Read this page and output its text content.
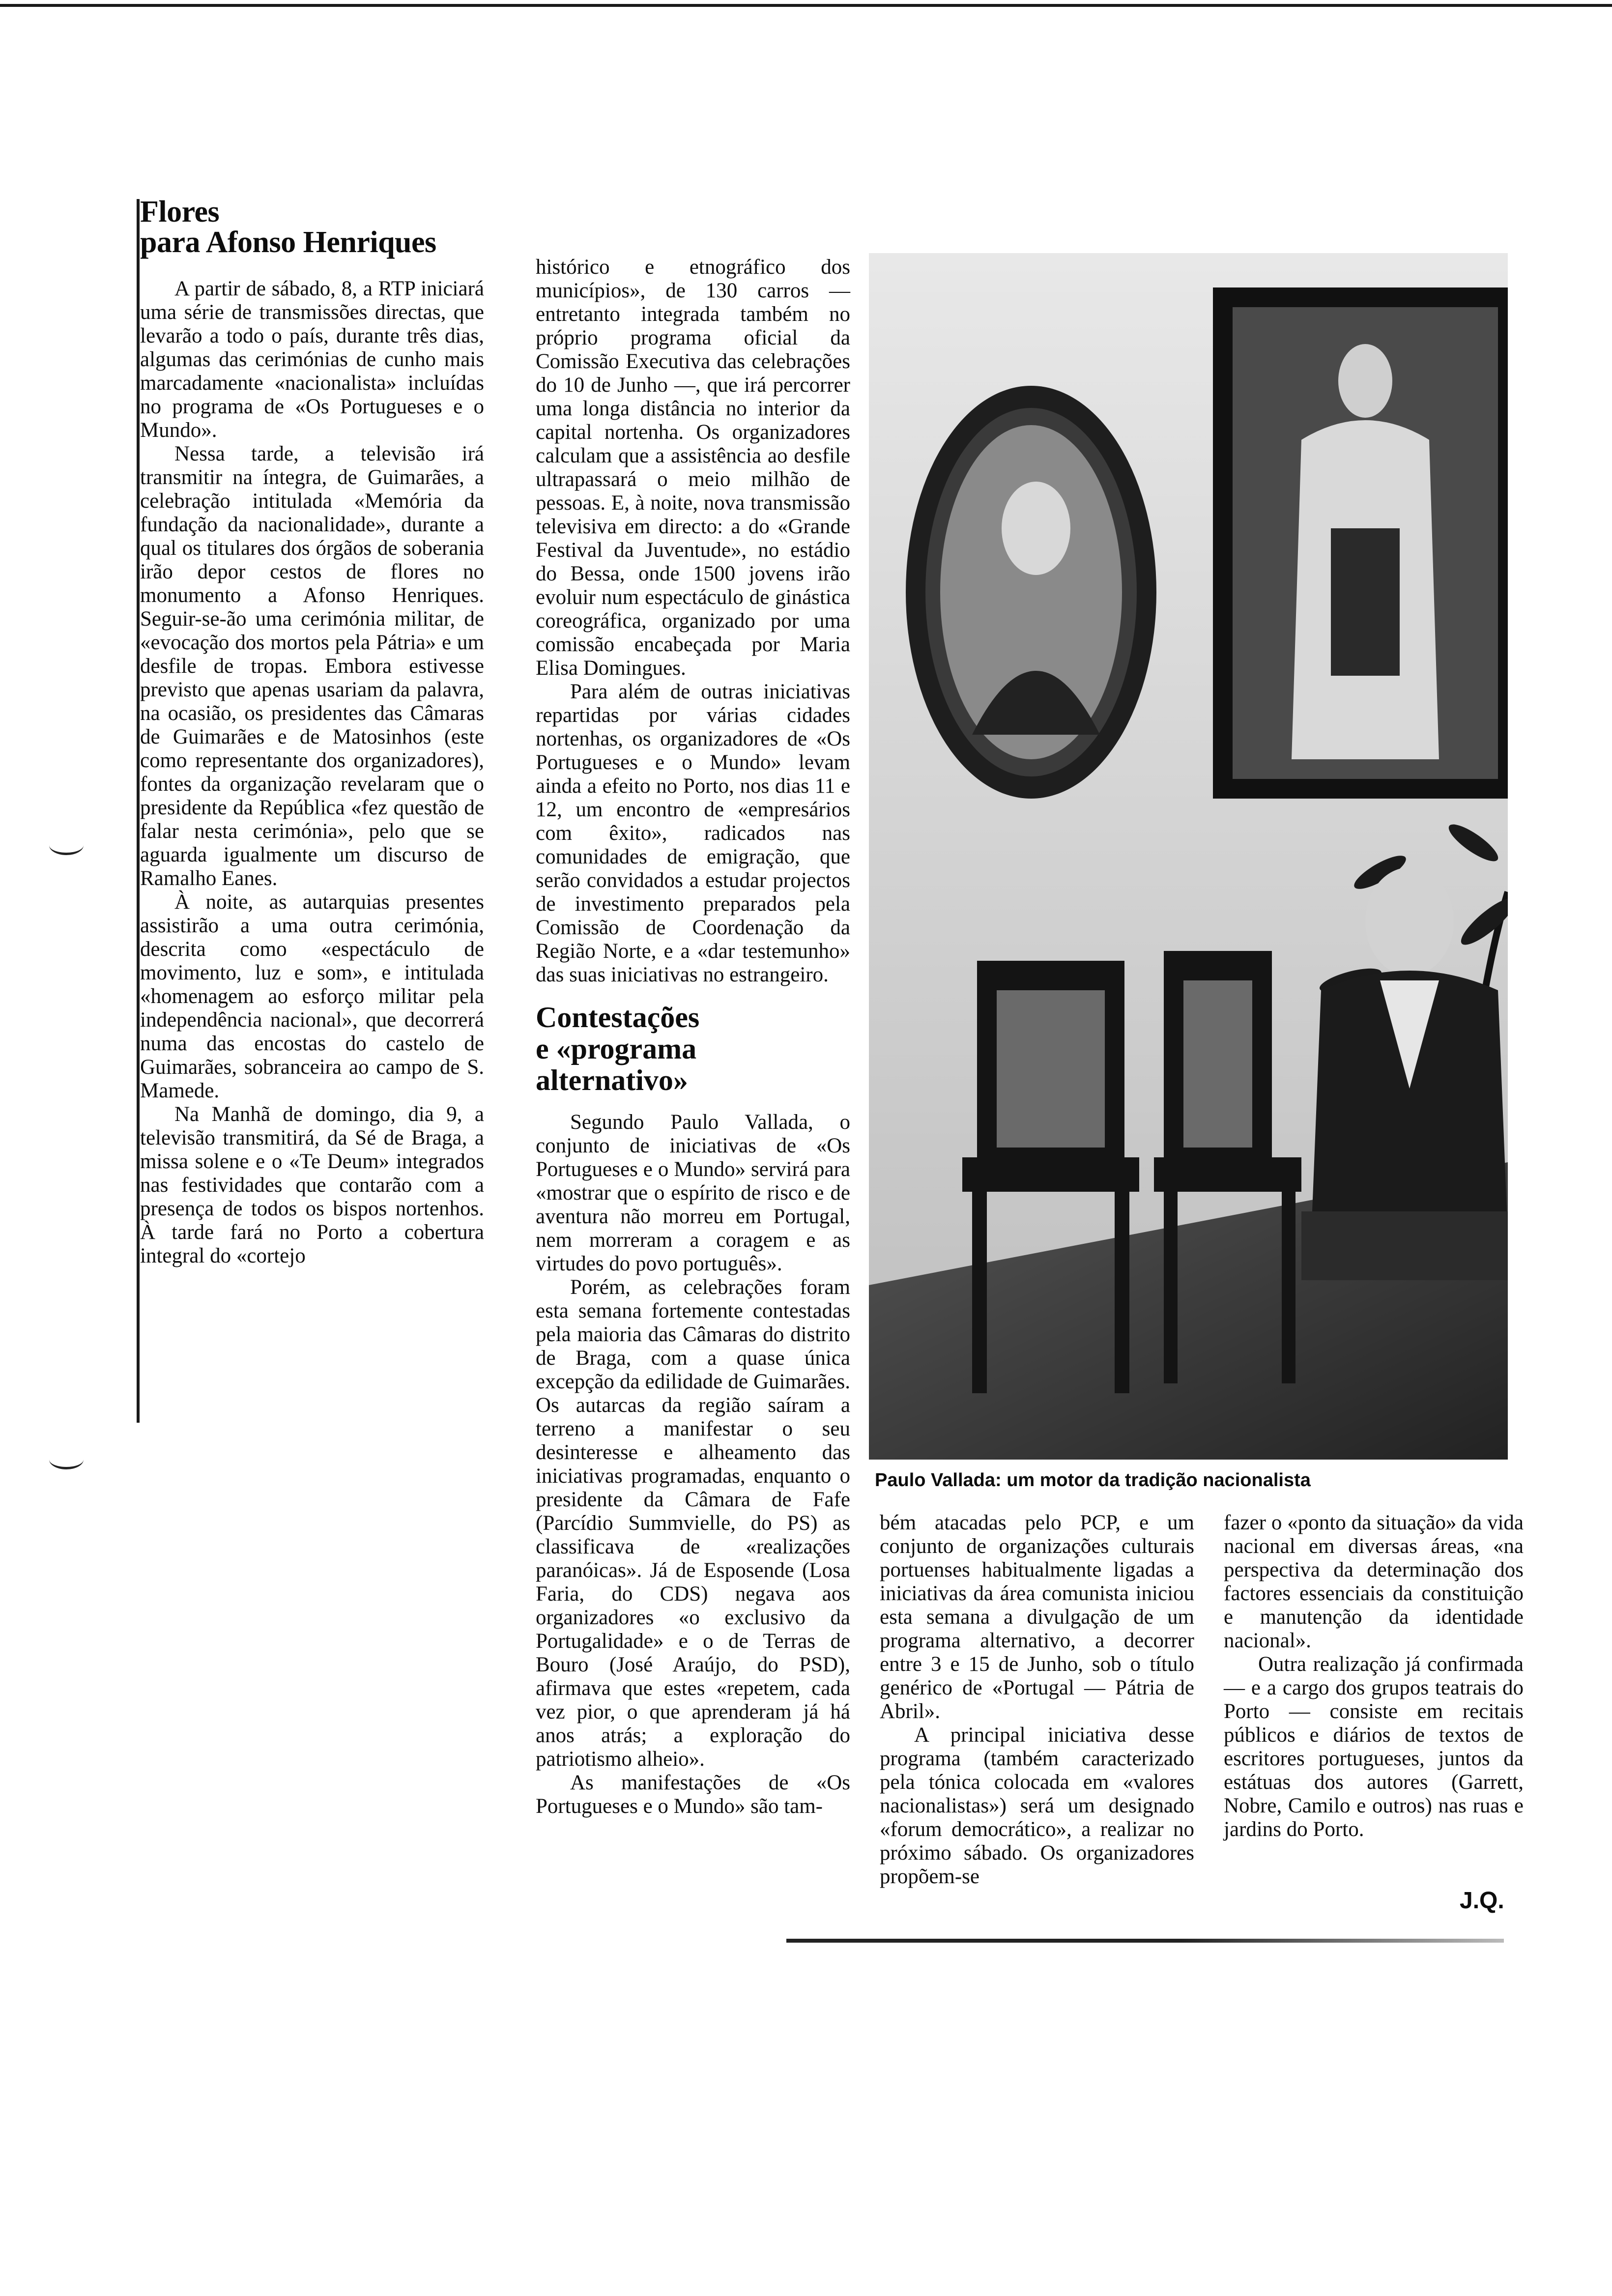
Flores
para Afonso Henriques

A partir de sábado, 8, a RTP iniciará uma série de transmissões directas, que levarão a todo o país, durante três dias, algumas das cerimónias de cunho mais marcadamente «nacionalista» incluídas no programa de «Os Portugueses e o Mundo».

Nessa tarde, a televisão irá transmitir na íntegra, de Guimarães, a celebração intitulada «Memória da fundação da nacionalidade», durante a qual os titulares dos órgãos de soberania irão depor cestos de flores no monumento a Afonso Henriques. Seguir-se-ão uma cerimónia militar, de «evocação dos mortos pela Pátria» e um desfile de tropas. Embora estivesse previsto que apenas usariam da palavra, na ocasião, os presidentes das Câmaras de Guimarães e de Matosinhos (este como representante dos organizadores), fontes da organização revelaram que o presidente da República «fez questão de falar nesta cerimónia», pelo que se aguarda igualmente um discurso de Ramalho Eanes.

À noite, as autarquias presentes assistirão a uma outra cerimónia, descrita como «espectáculo de movimento, luz e som», e intitulada «homenagem ao esforço militar pela independência nacional», que decorrerá numa das encostas do castelo de Guimarães, sobranceira ao campo de S. Mamede.

Na Manhã de domingo, dia 9, a televisão transmitirá, da Sé de Braga, a missa solene e o «Te Deum» integrados nas festividades que contarão com a presença de todos os bispos nortenhos. À tarde fará no Porto a cobertura integral do «cortejo

histórico e etnográfico dos municípios», de 130 carros — entretanto integrada também no próprio programa oficial da Comissão Executiva das celebrações do 10 de Junho —, que irá percorrer uma longa distância no interior da capital nortenha. Os organizadores calculam que a assistência ao desfile ultrapassará o meio milhão de pessoas. E, à noite, nova transmissão televisiva em directo: a do «Grande Festival da Juventude», no estádio do Bessa, onde 1500 jovens irão evoluir num espectáculo de ginástica coreográfica, organizado por uma comissão encabeçada por Maria Elisa Domingues.

Para além de outras iniciativas repartidas por várias cidades nortenhas, os organizadores de «Os Portugueses e o Mundo» levam ainda a efeito no Porto, nos dias 11 e 12, um encontro de «empresários com êxito», radicados nas comunidades de emigração, que serão convidados a estudar projectos de investimento preparados pela Comissão de Coordenação da Região Norte, e a «dar testemunho» das suas iniciativas no estrangeiro.

Contestações
e «programa
alternativo»

Segundo Paulo Vallada, o conjunto de iniciativas de «Os Portugueses e o Mundo» servirá para «mostrar que o espírito de risco e de aventura não morreu em Portugal, nem morreram a coragem e as virtudes do povo português».

Porém, as celebrações foram esta semana fortemente contestadas pela maioria das Câmaras do distrito de Braga, com a quase única excepção da edilidade de Guimarães. Os autarcas da região saíram a terreno a manifestar o seu desinteresse e alheamento das iniciativas programadas, enquanto o presidente da Câmara de Fafe (Parcídio Summvielle, do PS) as classificava de «realizações paranóicas». Já de Esposende (Losa Faria, do CDS) negava aos organizadores «o exclusivo da Portugalidade» e o de Terras de Bouro (José Araújo, do PSD), afirmava que estes «repetem, cada vez pior, o que aprenderam já há anos atrás; a exploração do patriotismo alheio».

As manifestações de «Os Portugueses e o Mundo» são tam-

Paulo Vallada: um motor da tradição nacionalista

bém atacadas pelo PCP, e um conjunto de organizações culturais portuenses habitualmente ligadas a iniciativas da área comunista iniciou esta semana a divulgação de um programa alternativo, a decorrer entre 3 e 15 de Junho, sob o título genérico de «Portugal — Pátria de Abril».

A principal iniciativa desse programa (também caracterizado pela tónica colocada em «valores nacionalistas») será um designado «forum democrático», a realizar no próximo sábado. Os organizadores propõem-se

fazer o «ponto da situação» da vida nacional em diversas áreas, «na perspectiva da determinação dos factores essenciais da constituição e manutenção da identidade nacional».

Outra realização já confirmada — e a cargo dos grupos teatrais do Porto — consiste em recitais públicos e diários de textos de escritores portugueses, juntos da estátuas dos autores (Garrett, Nobre, Camilo e outros) nas ruas e jardins do Porto.

J.Q.
